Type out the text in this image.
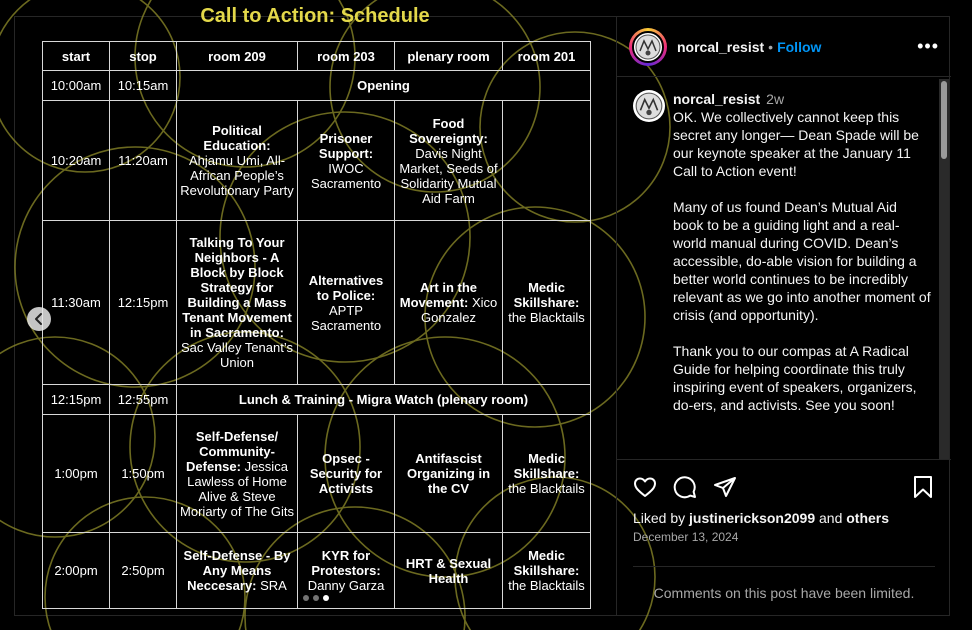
Call to Action: Schedule
start	stop	room 209	room 203	plenary room	room 201
10:00am	10:15am	Opening			
10:20am	11:20am	Political Education: Ahjamu Umi, All-African People’s Revolutionary Party	Prisoner Support: IWOC Sacramento	Food Sovereignty: Davis Night Market, Seeds of Solidarity Mutual Aid Farm	
11:30am	12:15pm	Talking To Your Neighbors - A Block by Block Strategy for Building a Mass Tenant Movement in Sacramento: Sac Valley Tenant’s Union	Alternatives to Police: APTP Sacramento	Art in the Movement: Xico Gonzalez	Medic Skillshare: the Blacktails
12:15pm	12:55pm	Lunch & Training - Migra Watch (plenary room)			
1:00pm	1:50pm	Self-Defense/ Community-Defense: Jessica Lawless of Home Alive & Steve Moriarty of The Gits	Opsec - Security for Activists	Antifascist Organizing in the CV	Medic Skillshare: the Blacktails
2:00pm	2:50pm	Self-Defense - By Any Means Neccesary: SRA	KYR for Protestors: Danny Garza	HRT & Sexual Health	Medic Skillshare: the Blacktails
norcal_resist • Follow	•••
norcal_resist 2w

OK. We collectively cannot keep this secret any longer— Dean Spade will be our keynote speaker at the January 11 Call to Action event!

Many of us found Dean’s Mutual Aid book to be a guiding light and a real-world manual during COVID. Dean’s accessible, do-able vision for building a better world continues to be incredibly relevant as we go into another moment of crisis (and opportunity).

Thank you to our compas at A Radical Guide for helping coordinate this truly inspiring event of speakers, organizers, do-ers, and activists. See you soon!

Liked by justinerickson2099 and others
December 13, 2024
Comments on this post have been limited.
